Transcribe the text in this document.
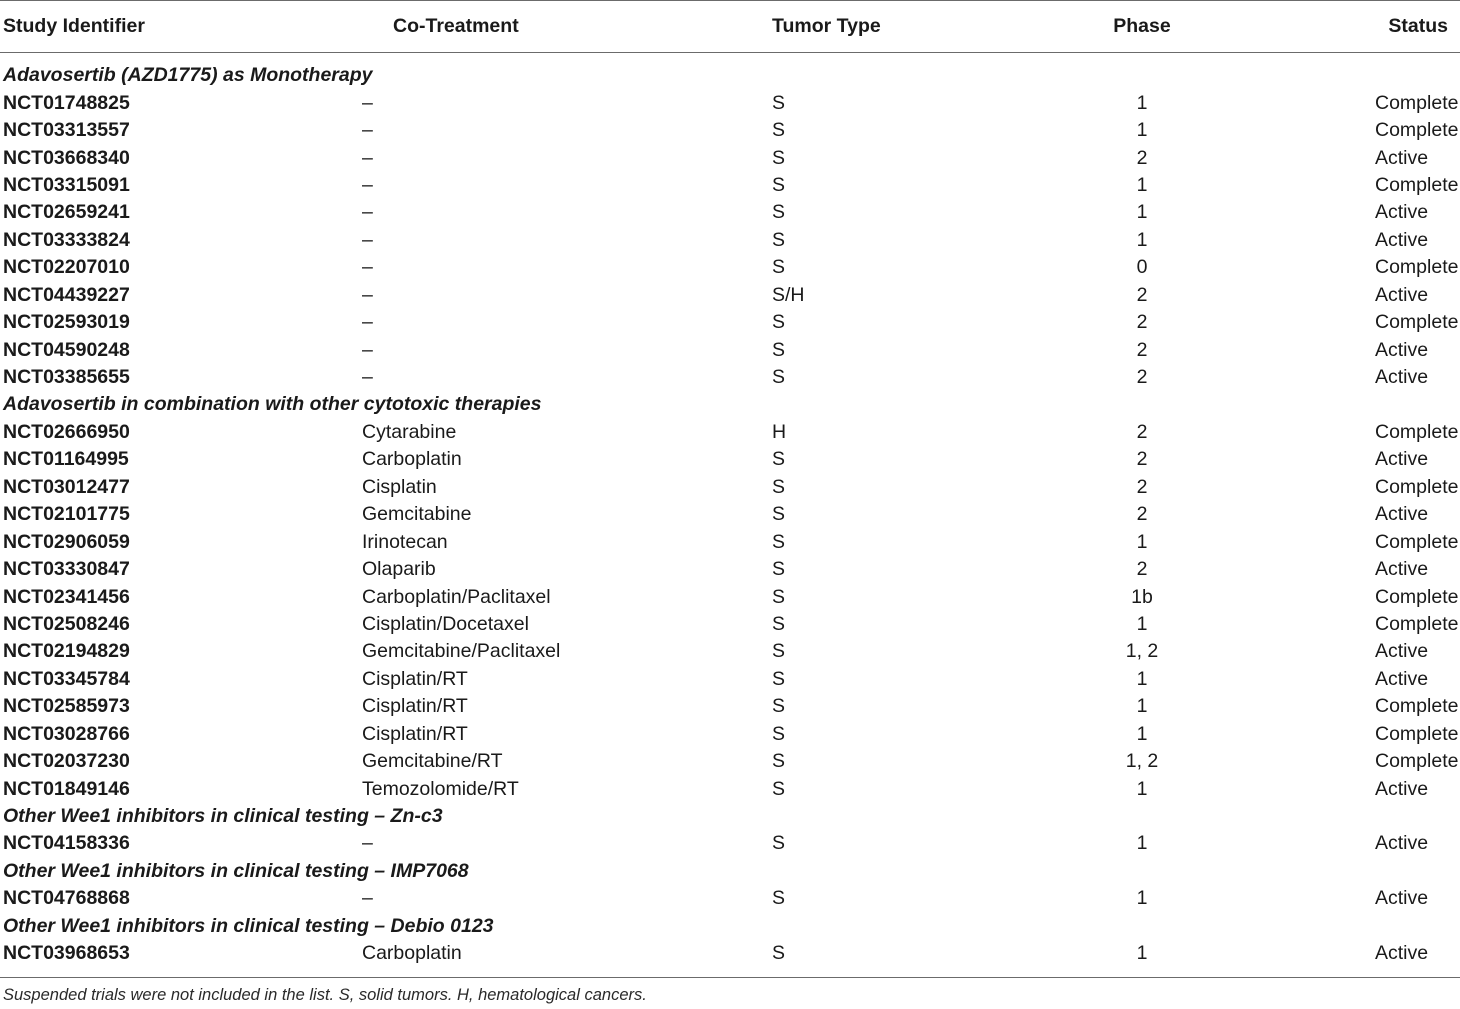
Study Identifier	Co-Treatment	Tumor Type	Phase	Status
Adavosertib (AZD1775) as Monotherapy				
NCT01748825	–	S	1	Complete
NCT03313557	–	S	1	Complete
NCT03668340	–	S	2	Active
NCT03315091	–	S	1	Complete
NCT02659241	–	S	1	Active
NCT03333824	–	S	1	Active
NCT02207010	–	S	0	Complete
NCT04439227	–	S/H	2	Active
NCT02593019	–	S	2	Complete
NCT04590248	–	S	2	Active
NCT03385655	–	S	2	Active
Adavosertib in combination with other cytotoxic therapies				
NCT02666950	Cytarabine	H	2	Complete
NCT01164995	Carboplatin	S	2	Active
NCT03012477	Cisplatin	S	2	Complete
NCT02101775	Gemcitabine	S	2	Active
NCT02906059	Irinotecan	S	1	Complete
NCT03330847	Olaparib	S	2	Active
NCT02341456	Carboplatin/Paclitaxel	S	1b	Complete
NCT02508246	Cisplatin/Docetaxel	S	1	Complete
NCT02194829	Gemcitabine/Paclitaxel	S	1, 2	Active
NCT03345784	Cisplatin/RT	S	1	Active
NCT02585973	Cisplatin/RT	S	1	Complete
NCT03028766	Cisplatin/RT	S	1	Complete
NCT02037230	Gemcitabine/RT	S	1, 2	Complete
NCT01849146	Temozolomide/RT	S	1	Active
Other Wee1 inhibitors in clinical testing – Zn-c3				
NCT04158336	–	S	1	Active
Other Wee1 inhibitors in clinical testing – IMP7068				
NCT04768868	–	S	1	Active
Other Wee1 inhibitors in clinical testing – Debio 0123				
NCT03968653	Carboplatin	S	1	Active
Suspended trials were not included in the list. S, solid tumors. H, hematological cancers.
